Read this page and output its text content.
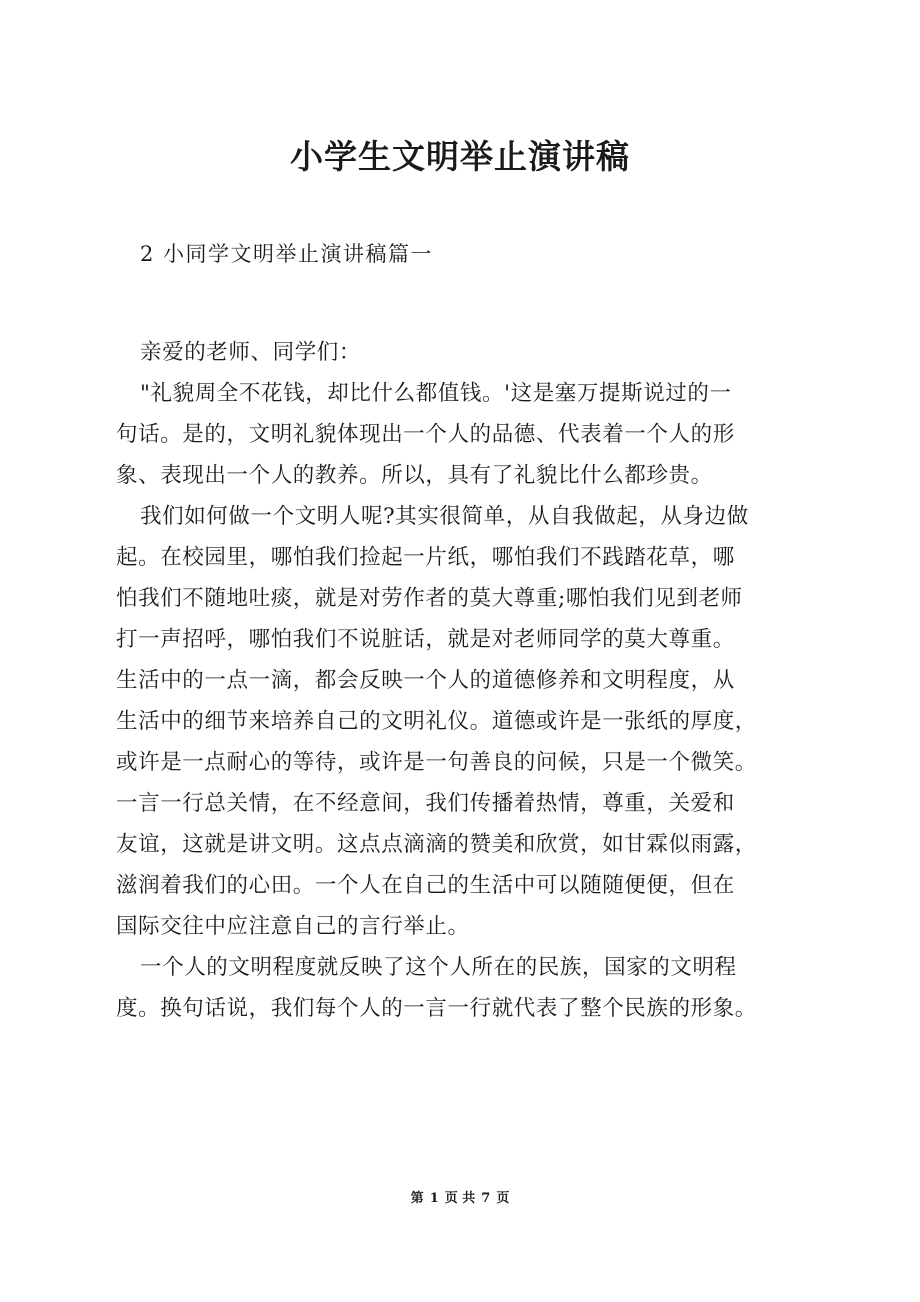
小学生文明举止演讲稿

2 小同学文明举止演讲稿篇一

亲爱的老师、同学们：
"礼貌周全不花钱，却比什么都值钱。'这是塞万提斯说过的一
句话。是的，文明礼貌体现出一个人的品德、代表着一个人的形
象、表现出一个人的教养。所以，具有了礼貌比什么都珍贵。
我们如何做一个文明人呢?其实很简单，从自我做起，从身边做
起。在校园里，哪怕我们捡起一片纸，哪怕我们不践踏花草，哪
怕我们不随地吐痰，就是对劳作者的莫大尊重;哪怕我们见到老师
打一声招呼，哪怕我们不说脏话，就是对老师同学的莫大尊重。
生活中的一点一滴，都会反映一个人的道德修养和文明程度，从
生活中的细节来培养自己的文明礼仪。道德或许是一张纸的厚度，
或许是一点耐心的等待，或许是一句善良的问候，只是一个微笑。
一言一行总关情，在不经意间，我们传播着热情，尊重，关爱和
友谊，这就是讲文明。这点点滴滴的赞美和欣赏，如甘霖似雨露，
滋润着我们的心田。一个人在自己的生活中可以随随便便，但在
国际交往中应注意自己的言行举止。
一个人的文明程度就反映了这个人所在的民族，国家的文明程
度。换句话说，我们每个人的一言一行就代表了整个民族的形象。

第 1 页 共 7 页
